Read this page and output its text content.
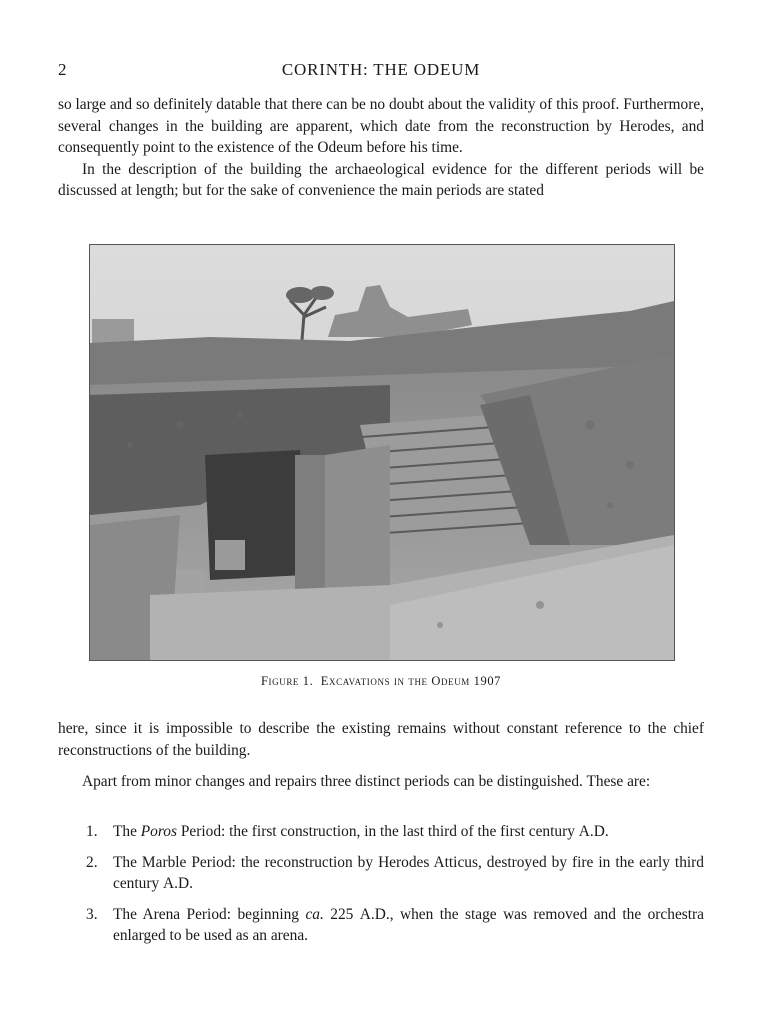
2	CORINTH: THE ODEUM

so large and so definitely datable that there can be no doubt about the validity of this proof. Furthermore, several changes in the building are apparent, which date from the reconstruction by Herodes, and consequently point to the existence of the Odeum before his time.

In the description of the building the archaeological evidence for the different periods will be discussed at length; but for the sake of convenience the main periods are stated

Figure 1. Excavations in the Odeum 1907

here, since it is impossible to describe the existing remains without constant reference to the chief reconstructions of the building.

Apart from minor changes and repairs three distinct periods can be distinguished. These are:

1. The Poros Period: the first construction, in the last third of the first century A.D.
2. The Marble Period: the reconstruction by Herodes Atticus, destroyed by fire in the early third century A.D.
3. The Arena Period: beginning ca. 225 A.D., when the stage was removed and the orchestra enlarged to be used as an arena.
